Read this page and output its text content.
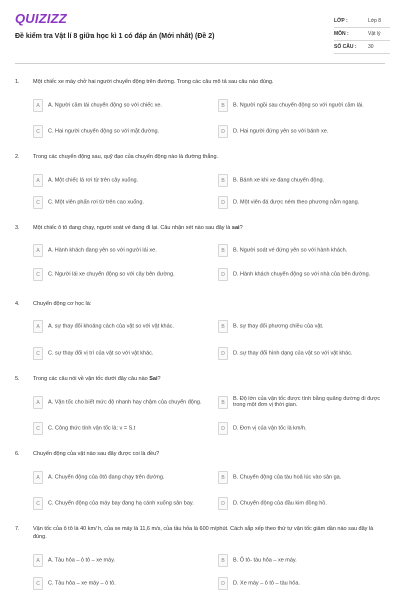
QUIZIZZ
Đề kiểm tra Vật lí 8 giữa học kì 1 có đáp án (Mới nhất) (Đề 2)
LỚP :	Lớp 8
MÔN :	Vật lý
SỐ CÂU :	30
1. Một chiếc xe máy chở hai người chuyển động trên đường. Trong các câu mô tả sau câu nào đúng.
A	A. Người cầm lái chuyển động so với chiếc xe.	B	B. Người ngồi sau chuyển động so với người cầm lái.
C	C. Hai người chuyển động so với mặt đường.	D	D. Hai người đứng yên so với bánh xe.
2. Trong các chuyển động sau, quỹ đạo của chuyển động nào là đường thẳng.
A	A. Một chiếc lá rơi từ trên cây xuống.	B	B. Bánh xe khi xe đang chuyển động.
C	C. Một viên phấn rơi từ trên cao xuống.	D	D. Một viên đá được ném theo phương nằm ngang.
3. Một chiếc ô tô đang chạy, người soát vé đang đi lại. Câu nhận xét nào sau đây là sai?
A	A. Hành khách đang yên so với người lái xe.	B	B. Người soát vé đứng yên so với hành khách.
C	C. Người lái xe chuyển động so với cây bên đường.	D	D. Hành khách chuyển động so với nhà của bên đường.
4. Chuyển động cơ học là:
A	A. sự thay đổi khoảng cách của vật so với vật khác.	B	B. sự thay đổi phương chiều của vật.
C	C. sự thay đổi vị trí của vật so với vật khác.	D	D. sự thay đổi hình dạng của vật so với vật khác.
5. Trong các câu nói về vận tốc dưới đây câu nào Sai?
A	A. Vận tốc cho biết mức độ nhanh hay chậm của chuyển động.	B
B. Độ lớn của vận tốc được tính bằng quãng đường đi được trong một đơn vị thời gian.
C	C. Công thức tính vận tốc là: v = S.t	D	D. Đơn vị của vận tốc là km/h.
6. Chuyển động của vật nào sau đây được coi là đều?
A	A. Chuyển động của ôtô đang chạy trên đường.	B	B. Chuyển động của tàu hoả lúc vào sân ga.
C	C. Chuyển động của máy bay đang hạ cánh xuống sân bay.	D	D. Chuyển động của đầu kim đồng hồ.
7. Vận tốc của ô tô là 40 km/ h, của xe máy là 11,6 m/s, của tầu hỏa là 600 m/phút. Cách sắp xếp theo thứ tự vận tốc giảm dần nào sau đây là đúng.
A	A. Tàu hỏa – ô tô – xe máy.	B	B. Ô tô- tàu hỏa – xe máy.
C	C. Tàu hỏa – xe máy – ô tô.	D	D. Xe máy – ô tô – tàu hỏa.
